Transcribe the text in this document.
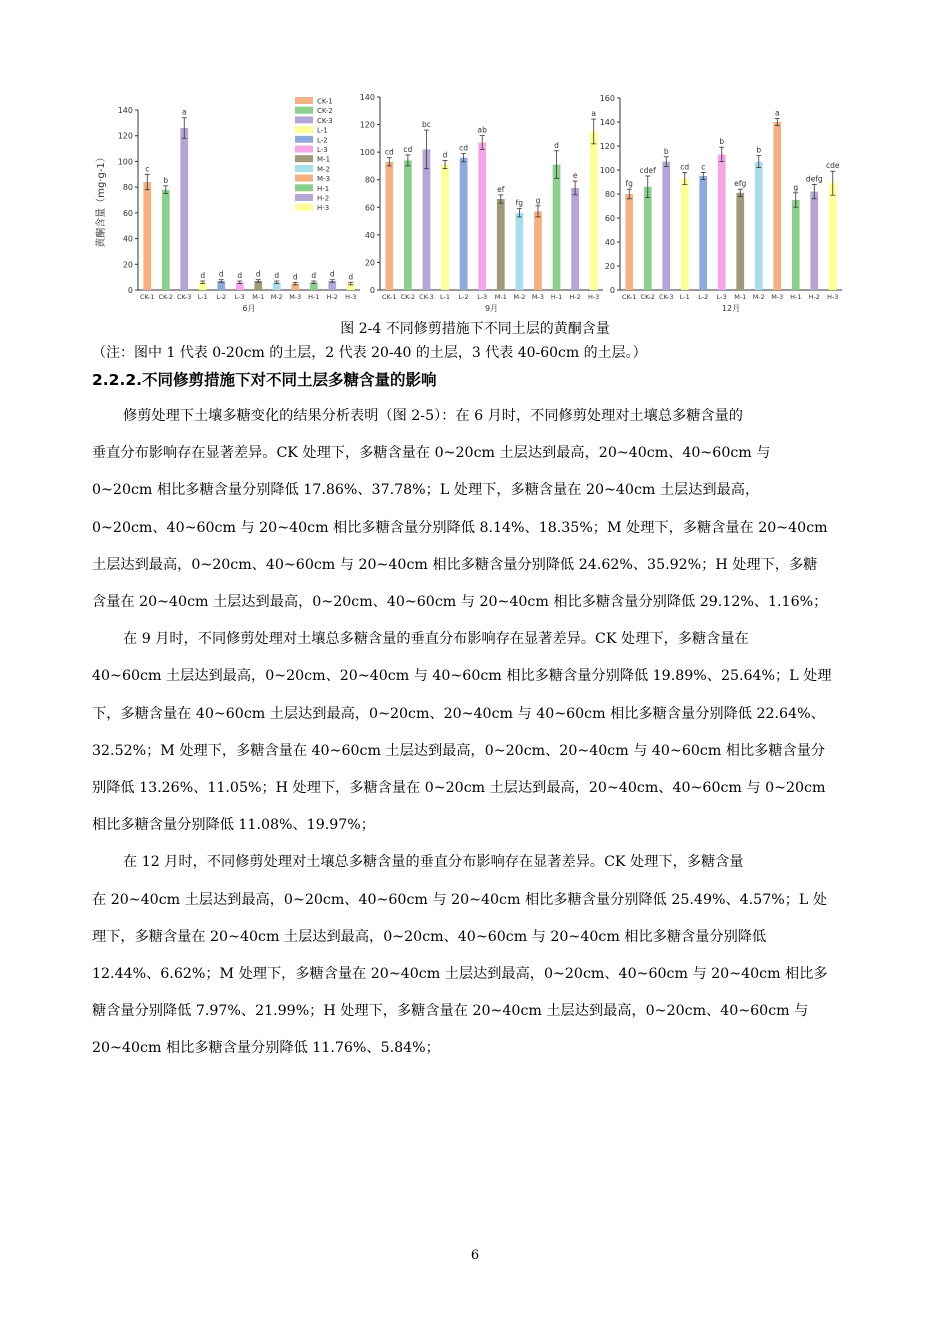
0
20
40
60
80
100
120
140
c
CK-1
b
CK-2
a
CK-3
d
L-1
d
L-2
d
L-3
d
M-1
d
M-2
d
M-3
d
H-1
d
H-2
d
H-3
6月
黄酮含量（mg·g-1）
CK-1
CK-2
CK-3
L-1
L-2
L-3
M-1
M-2
M-3
H-1
H-2
H-3
0
20
40
60
80
100
120
140
cd
CK-1
cd
CK-2
bc
CK-3
d
L-1
cd
L-2
ab
L-3
ef
M-1
fg
M-2
g
M-3
d
H-1
e
H-2
a
H-3
9月
0
20
40
60
80
100
120
140
160
fg
CK-1
cdef
CK-2
b
CK-3
cd
L-1
c
L-2
b
L-3
efg
M-1
b
M-2
a
M-3
g
H-1
defg
H-2
cde
H-3
12月
图 2-4 不同修剪措施下不同土层的黄酮含量
（注：图中 1 代表 0-20cm 的土层，2 代表 20-40 的土层，3 代表 40-60cm 的土层。）
2.2.2.不同修剪措施下对不同土层多糖含量的影响

修剪处理下土壤多糖变化的结果分析表明（图 2-5）：在 6 月时，不同修剪处理对土壤总多糖含量的
垂直分布影响存在显著差异。CK 处理下，多糖含量在 0~20cm 土层达到最高，20~40cm、40~60cm 与
0~20cm 相比多糖含量分别降低 17.86%、37.78%；L 处理下，多糖含量在 20~40cm 土层达到最高，
0~20cm、40~60cm 与 20~40cm 相比多糖含量分别降低 8.14%、18.35%；M 处理下，多糖含量在 20~40cm
土层达到最高，0~20cm、40~60cm 与 20~40cm 相比多糖含量分别降低 24.62%、35.92%；H 处理下，多糖
含量在 20~40cm 土层达到最高，0~20cm、40~60cm 与 20~40cm 相比多糖含量分别降低 29.12%、1.16%；

在 9 月时，不同修剪处理对土壤总多糖含量的垂直分布影响存在显著差异。CK 处理下，多糖含量在
40~60cm 土层达到最高，0~20cm、20~40cm 与 40~60cm 相比多糖含量分别降低 19.89%、25.64%；L 处理
下，多糖含量在 40~60cm 土层达到最高，0~20cm、20~40cm 与 40~60cm 相比多糖含量分别降低 22.64%、
32.52%；M 处理下，多糖含量在 40~60cm 土层达到最高，0~20cm、20~40cm 与 40~60cm 相比多糖含量分
别降低 13.26%、11.05%；H 处理下，多糖含量在 0~20cm 土层达到最高，20~40cm、40~60cm 与 0~20cm
相比多糖含量分别降低 11.08%、19.97%；

在 12 月时，不同修剪处理对土壤总多糖含量的垂直分布影响存在显著差异。CK 处理下，多糖含量
在 20~40cm 土层达到最高，0~20cm、40~60cm 与 20~40cm 相比多糖含量分别降低 25.49%、4.57%；L 处
理下，多糖含量在 20~40cm 土层达到最高，0~20cm、40~60cm 与 20~40cm 相比多糖含量分别降低
12.44%、6.62%；M 处理下，多糖含量在 20~40cm 土层达到最高，0~20cm、40~60cm 与 20~40cm 相比多
糖含量分别降低 7.97%、21.99%；H 处理下，多糖含量在 20~40cm 土层达到最高，0~20cm、40~60cm 与
20~40cm 相比多糖含量分别降低 11.76%、5.84%；

6
